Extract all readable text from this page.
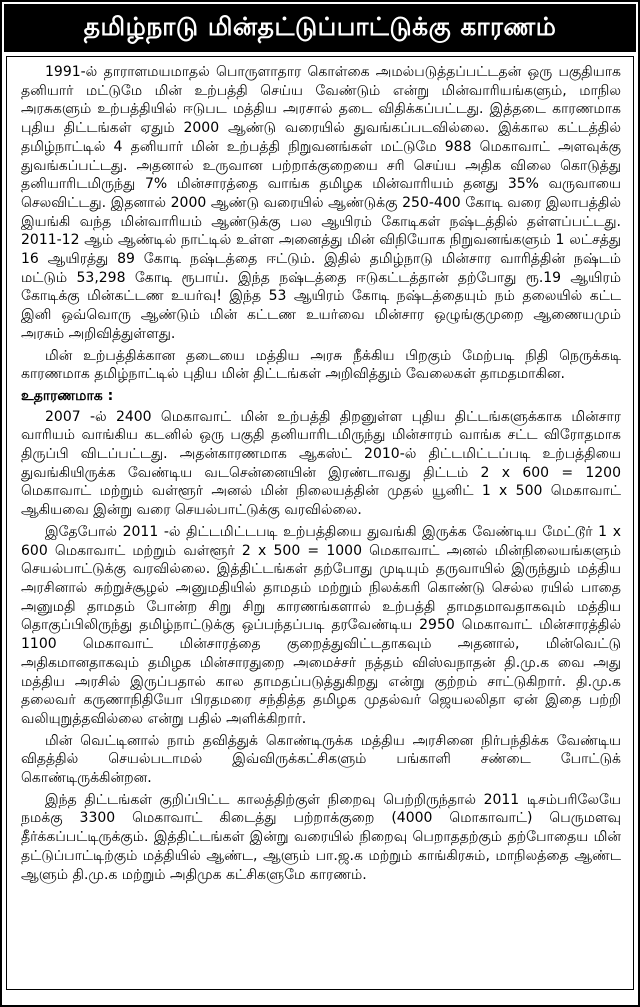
தமிழ்நாடு மின்தட்டுப்பாட்டுக்கு காரணம்

1991-ல் தாராளமயமாதல் பொருளாதார கொள்கை அமல்படுத்தப்பட்டதன் ஒரு பகுதியாக தனியார் மட்டுமே மின் உற்பத்தி செய்ய வேண்டும் என்று மின்வாரியங்களும், மாநில அரசுகளும் உற்பத்தியில் ஈடுபட மத்திய அரசால் தடை விதிக்கப்பட்டது. இத்தடை காரணமாக புதிய திட்டங்கள் ஏதும் 2000 ஆண்டு வரையில் துவங்கப்படவில்லை. இக்கால கட்டத்தில் தமிழ்நாட்டில் 4 தனியார் மின் உற்பத்தி நிறுவனங்கள் மட்டுமே 988 மெகாவாட் அளவுக்கு துவங்கப்பட்டது. அதனால் உருவான பற்றாக்குறையை சரி செய்ய அதிக விலை கொடுத்து தனியாரிடமிருந்து 7% மின்சாரத்தை வாங்க தமிழக மின்வாரியம் தனது 35% வருவாயை செலவிட்டது. இதனால் 2000 ஆண்டு வரையில் ஆண்டுக்கு 250-400 கோடி வரை இலாபத்தில் இயங்கி வந்த மின்வாரியம் ஆண்டுக்கு பல ஆயிரம் கோடிகள் நஷ்டத்தில் தள்ளப்பட்டது. 2011-12 ஆம் ஆண்டில் நாட்டில் உள்ள அனைத்து மின் விநியோக நிறுவனங்களும் 1 லட்சத்து 16 ஆயிரத்து 89 கோடி நஷ்டத்தை ஈட்டும். இதில் தமிழ்நாடு மின்சார வாரித்தின் நஷ்டம் மட்டும் 53,298 கோடி ரூபாய். இந்த நஷ்டத்தை ஈடுகட்டத்தான் தற்போது ரூ.19 ஆயிரம் கோடிக்கு மின்கட்டண உயர்வு! இந்த 53 ஆயிரம் கோடி நஷ்டத்தையும் நம் தலையில் கட்ட இனி ஒவ்வொரு ஆண்டும் மின் கட்டண உயர்வை மின்சார ஒழுங்குமுறை ஆணையமும் அரசும் அறிவித்துள்ளது.

மின் உற்பத்திக்கான தடையை மத்திய அரசு நீக்கிய பிறகும் மேற்படி நிதி நெருக்கடி காரணமாக தமிழ்நாட்டில் புதிய மின் திட்டங்கள் அறிவித்தும் வேலைகள் தாமதமாகின.

உதாரணமாக :

2007 -ல் 2400 மெகாவாட் மின் உற்பத்தி திறனுள்ள புதிய திட்டங்களுக்காக மின்சார வாரியம் வாங்கிய கடனில் ஒரு பகுதி தனியாரிடமிருந்து மின்சாரம் வாங்க சட்ட விரோதமாக திருப்பி விடப்பட்டது. அதன்காரணமாக ஆகஸ்ட் 2010-ல் திட்டமிட்டப்படி உற்பத்தியை துவங்கியிருக்க வேண்டிய வடசென்னையின் இரண்டாவது திட்டம் 2 x 600 = 1200 மெகாவாட் மற்றும் வள்ளூர் அனல் மின் நிலையத்தின் முதல் யூனிட் 1 x 500 மெகாவாட் ஆகியவை இன்று வரை செயல்பாட்டுக்கு வரவில்லை.

இதேபோல் 2011 -ல் திட்டமிட்டபடி உற்பத்தியை துவங்கி இருக்க வேண்டிய மேட்டூர் 1 x 600 மெகாவாட் மற்றும் வள்ளூர் 2 x 500 = 1000 மெகாவாட் அனல் மின்நிலையங்களும் செயல்பாட்டுக்கு வரவில்லை. இத்திட்டங்கள் தற்போது முடியும் தருவாயில் இருந்தும் மத்திய அரசினால் சுற்றுச்சூழல் அனுமதியில் தாமதம் மற்றும் நிலக்கரி கொண்டு செல்ல ரயில் பாதை அனுமதி தாமதம் போன்ற சிறு சிறு காரணங்களால் உற்பத்தி தாமதமாவதாகவும் மத்திய தொகுப்பிலிருந்து தமிழ்நாட்டுக்கு ஒப்பந்தப்படி தரவேண்டிய 2950 மெகாவாட் மின்சாரத்தில் 1100 மெகாவாட் மின்சாரத்தை குறைத்துவிட்டதாகவும் அதனால், மின்வெட்டு அதிகமானதாகவும் தமிழக மின்சாரதுறை அமைச்சர் நத்தம் விஸ்வநாதன் தி.மு.க வை அது மத்திய அரசில் இருப்பதால் கால தாமதப்படுத்துகிறது என்று குற்றம் சாட்டுகிறார். தி.மு.க தலைவர் கருணாநிதியோ பிரதமரை சந்தித்த தமிழக முதல்வர் ஜெயலலிதா ஏன் இதை பற்றி வலியுறுத்தவில்லை என்று பதில் அளிக்கிறார்.

மின் வெட்டினால் நாம் தவித்துக் கொண்டிருக்க மத்திய அரசினை நிர்பந்திக்க வேண்டிய விதத்தில் செயல்படாமல் இவ்விருக்கட்சிகளும் பங்காளி சண்டை போட்டுக் கொண்டிருக்கின்றன.

இந்த திட்டங்கள் குறிப்பிட்ட காலத்திற்குள் நிறைவு பெற்றிருந்தால் 2011 டிசம்பரிலேயே நமக்கு 3300 மெகாவாட் கிடைத்து பற்றாக்குறை (4000 மொகாவாட்) பெருமளவு தீர்க்கப்பட்டிருக்கும். இத்திட்டங்கள் இன்று வரையில் நிறைவு பெறாததற்கும் தற்போதைய மின் தட்டுப்பாட்டிற்கும் மத்தியில் ஆண்ட, ஆளும் பா.ஜ.க மற்றும் காங்கிரசும், மாநிலத்தை ஆண்ட ஆளும் தி.மு.க மற்றும் அதிமுக கட்சிகளுமே காரணம்.
